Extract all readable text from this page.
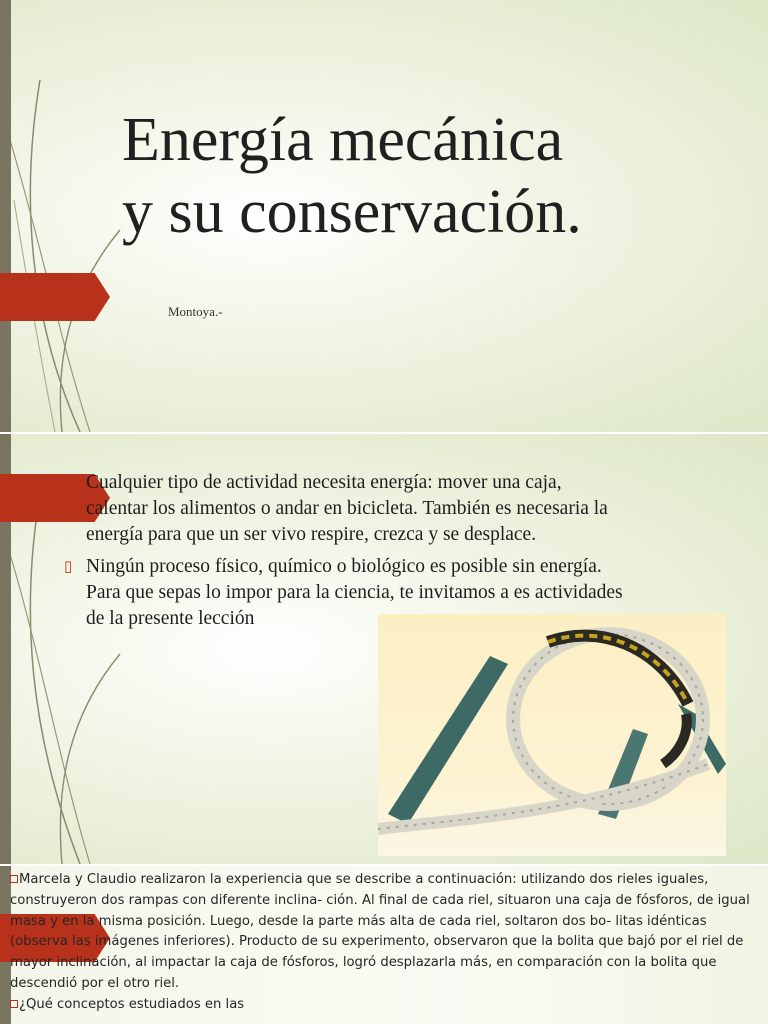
Energía mecánica
y su conservación.
Montoya.-
▯ Cualquier tipo de actividad necesita energía: mover una caja, calentar los alimentos o andar en bicicleta. También es necesaria la energía para que un ser vivo respire, crezca y se desplace.
▯ Ningún proceso físico, químico o biológico es posible sin energía. Para que sepas lo impor para la ciencia, te invitamos a es actividades de la presente lección

Marcela y Claudio realizaron la experiencia que se describe a continuación: utilizando dos rieles iguales, construyeron dos rampas con diferente inclina- ción. Al final de cada riel, situaron una caja de fósforos, de igual masa y en la misma posición. Luego, desde la parte más alta de cada riel, soltaron dos bo- litas idénticas (observa las imágenes inferiores). Producto de su experimento, observaron que la bolita que bajó por el riel de mayor inclinación, al impactar la caja de fósforos, logró desplazarla más, en comparación con la bolita que descendió por el otro riel.

¿Qué conceptos estudiados en las
